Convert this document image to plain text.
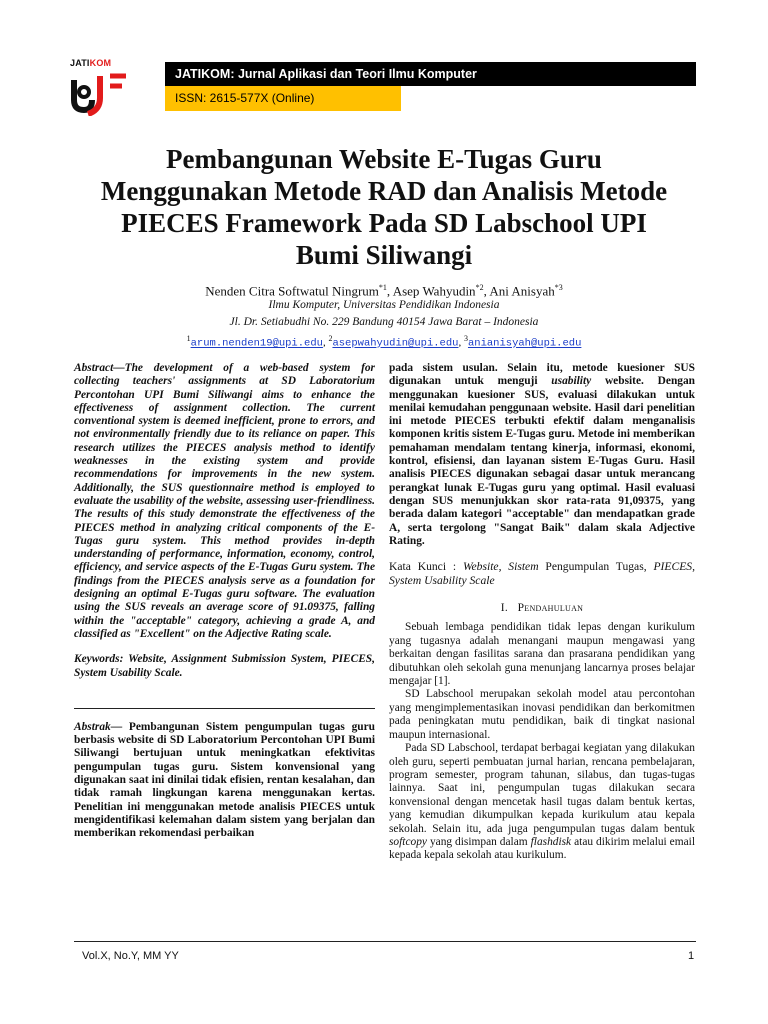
JATIKOM
JATIKOM: Jurnal Aplikasi dan Teori Ilmu Komputer
ISSN: 2615-577X (Online)
Pembangunan Website E-Tugas Guru Menggunakan Metode RAD dan Analisis Metode PIECES Framework Pada SD Labschool UPI Bumi Siliwangi
Nenden Citra Softwatul Ningrum$^{*1}$, Asep Wahyudin$^{*2}$, Ani Anisyah$^{*3}$
Ilmu Komputer, Universitas Pendidikan Indonesia
Jl. Dr. Setiabudhi No. 229 Bandung 40154 Jawa Barat – Indonesia
$^1$arum.nenden19@upi.edu, $^2$asepwahyudin@upi.edu, $^3$anianisyah@upi.edu

Abstract—The development of a web-based system for collecting teachers' assignments at SD Laboratorium Percontohan UPI Bumi Siliwangi aims to enhance the effectiveness of assignment collection. The current conventional system is deemed inefficient, prone to errors, and not environmentally friendly due to its reliance on paper. This research utilizes the PIECES analysis method to identify weaknesses in the existing system and provide recommendations for improvements in the new system. Additionally, the SUS questionnaire method is employed to evaluate the usability of the website, assessing user-friendliness. The results of this study demonstrate the effectiveness of the PIECES method in analyzing critical components of the E-Tugas guru system. This method provides in-depth understanding of performance, information, economy, control, efficiency, and service aspects of the E-Tugas Guru system. The findings from the PIECES analysis serve as a foundation for designing an optimal E-Tugas guru software. The evaluation using the SUS reveals an average score of 91.09375, falling within the "acceptable" category, achieving a grade A, and classified as "Excellent" on the Adjective Rating scale.

Keywords: Website, Assignment Submission System, PIECES, System Usability Scale.

Abstrak— Pembangunan Sistem pengumpulan tugas guru berbasis website di SD Laboratorium Percontohan UPI Bumi Siliwangi bertujuan untuk meningkatkan efektivitas pengumpulan tugas guru. Sistem konvensional yang digunakan saat ini dinilai tidak efisien, rentan kesalahan, dan tidak ramah lingkungan karena menggunakan kertas. Penelitian ini menggunakan metode analisis PIECES untuk mengidentifikasi kelemahan dalam sistem yang berjalan dan memberikan rekomendasi perbaikan

pada sistem usulan. Selain itu, metode kuesioner SUS digunakan untuk menguji usability website. Dengan menggunakan kuesioner SUS, evaluasi dilakukan untuk menilai kemudahan penggunaan website. Hasil dari penelitian ini metode PIECES terbukti efektif dalam menganalisis komponen kritis sistem E-Tugas guru. Metode ini memberikan pemahaman mendalam tentang kinerja, informasi, ekonomi, kontrol, efisiensi, dan layanan sistem E-Tugas Guru. Hasil analisis PIECES digunakan sebagai dasar untuk merancang perangkat lunak E-Tugas guru yang optimal. Hasil evaluasi dengan SUS menunjukkan skor rata-rata 91,09375, yang berada dalam kategori "acceptable" dan mendapatkan grade A, serta tergolong "Sangat Baik" dalam skala Adjective Rating.

Kata Kunci : Website, Sistem Pengumpulan Tugas, PIECES, System Usability Scale

I. Pendahuluan

Sebuah lembaga pendidikan tidak lepas dengan kurikulum yang tugasnya adalah menangani maupun mengawasi yang berkaitan dengan fasilitas sarana dan prasarana pendidikan yang dibutuhkan oleh sekolah guna menunjang lancarnya proses belajar mengajar [1].

SD Labschool merupakan sekolah model atau percontohan yang mengimplementasikan inovasi pendidikan dan berkomitmen pada peningkatan mutu pendidikan, baik di tingkat nasional maupun internasional.

Pada SD Labschool, terdapat berbagai kegiatan yang dilakukan oleh guru, seperti pembuatan jurnal harian, rencana pembelajaran, program semester, program tahunan, silabus, dan tugas-tugas lainnya. Saat ini, pengumpulan tugas dilakukan secara konvensional dengan mencetak hasil tugas dalam bentuk kertas, yang kemudian dikumpulkan kepada kurikulum atau kepala sekolah. Selain itu, ada juga pengumpulan tugas dalam bentuk softcopy yang disimpan dalam flashdisk atau dikirim melalui email kepada kepala sekolah atau kurikulum.

Vol.X, No.Y, MM YY	1
